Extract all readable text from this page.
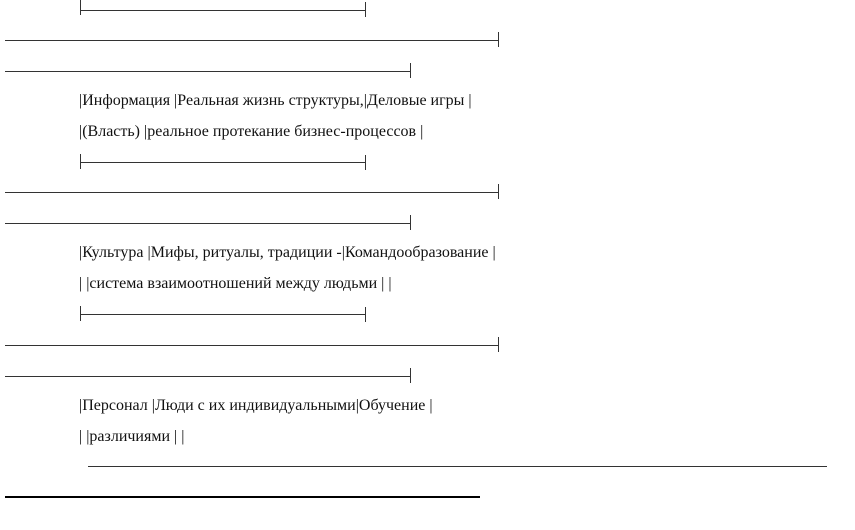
|Информация |Реальная жизнь структуры,|Деловые игры |
|(Власть) |реальное протекание бизнес-процессов |
|Культура |Мифы, ритуалы, традиции -|Командообразование |
| |система взаимоотношений между людьми | |
|Персонал |Люди с их индивидуальными|Обучение |
| |различиями | |
